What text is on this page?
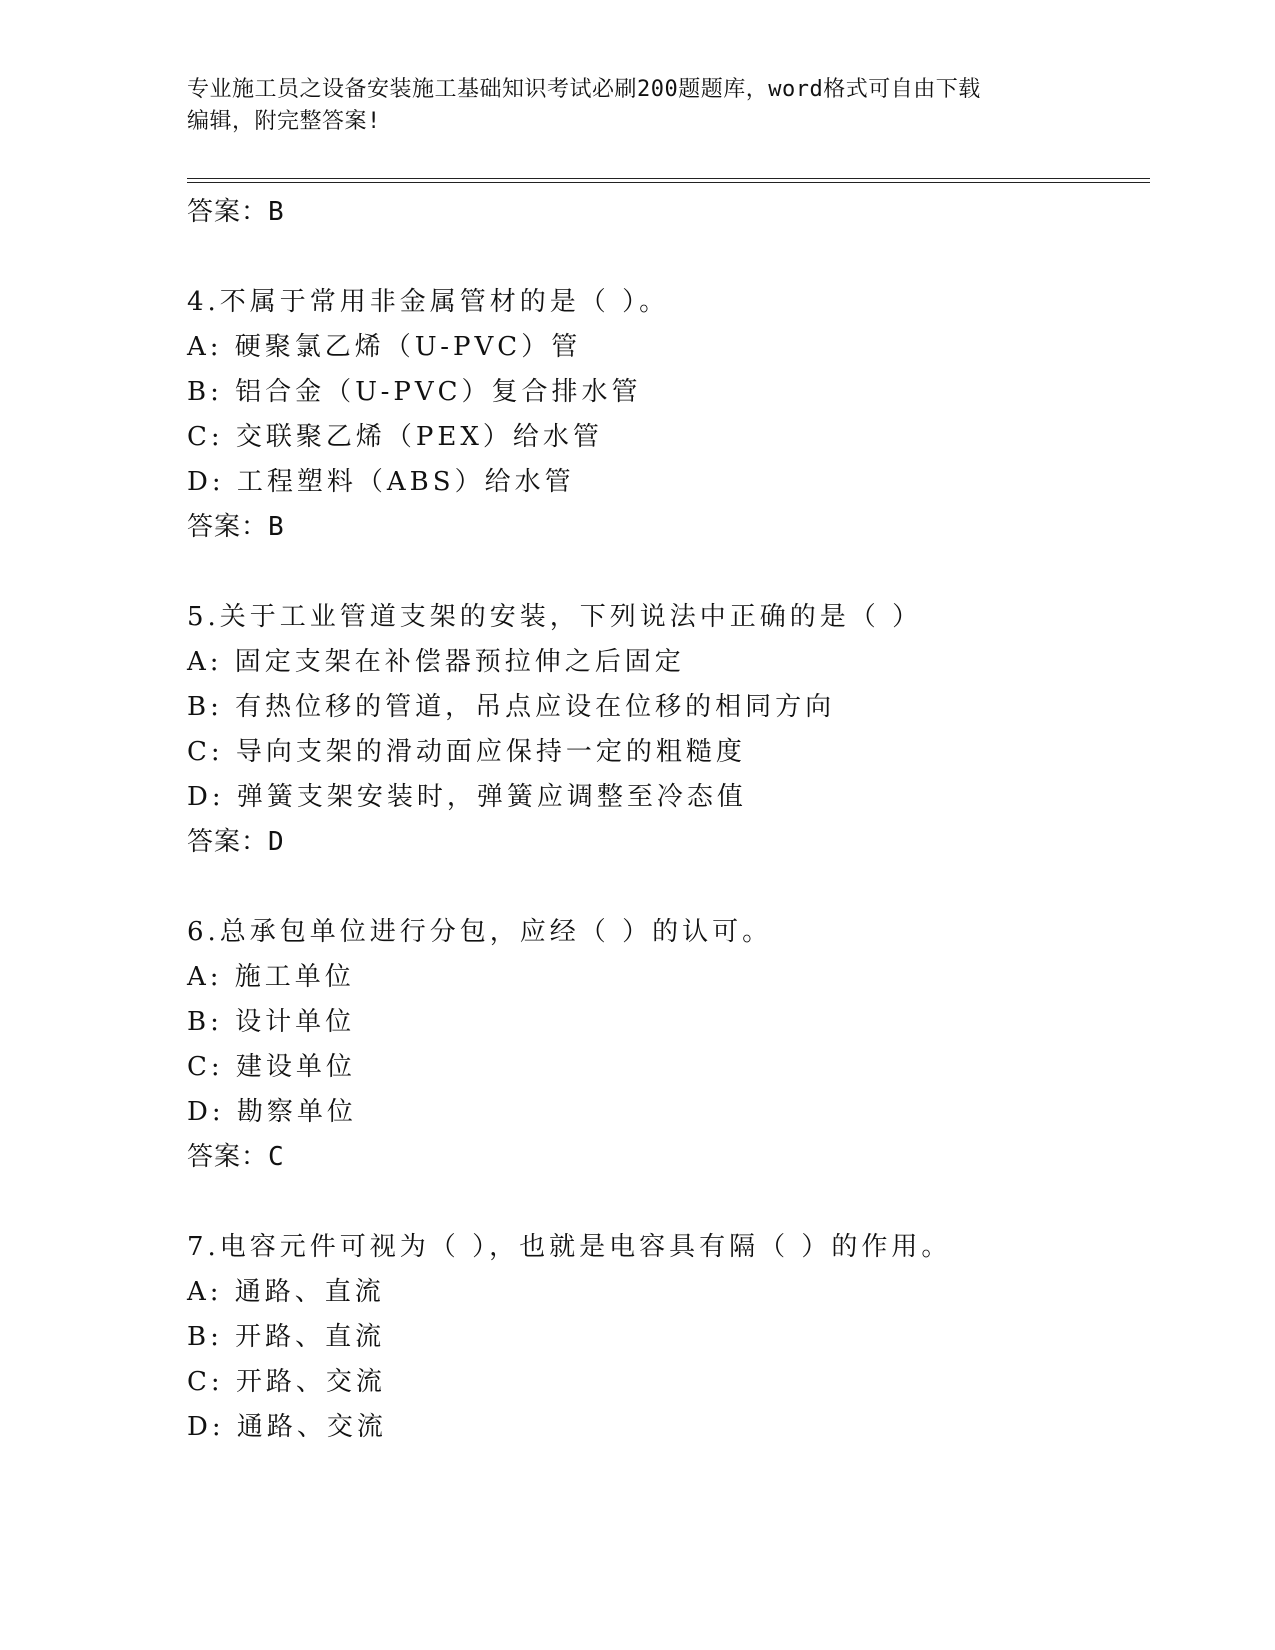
专业施工员之设备安装施工基础知识考试必刷200题题库，word格式可自由下载
编辑，附完整答案!
答案：B
4.不属于常用非金属管材的是（ ）。
A: 硬聚氯乙烯（U-PVC）管
B: 铝合金（U-PVC）复合排水管
C: 交联聚乙烯（PEX）给水管
D: 工程塑料（ABS）给水管
答案：B
5.关于工业管道支架的安装，下列说法中正确的是（ ）
A: 固定支架在补偿器预拉伸之后固定
B: 有热位移的管道，吊点应设在位移的相同方向
C: 导向支架的滑动面应保持一定的粗糙度
D: 弹簧支架安装时，弹簧应调整至冷态值
答案：D
6.总承包单位进行分包，应经（ ）的认可。
A: 施工单位
B: 设计单位
C: 建设单位
D: 勘察单位
答案：C
7.电容元件可视为（ ），也就是电容具有隔（ ）的作用。
A: 通路、直流
B: 开路、直流
C: 开路、交流
D: 通路、交流
